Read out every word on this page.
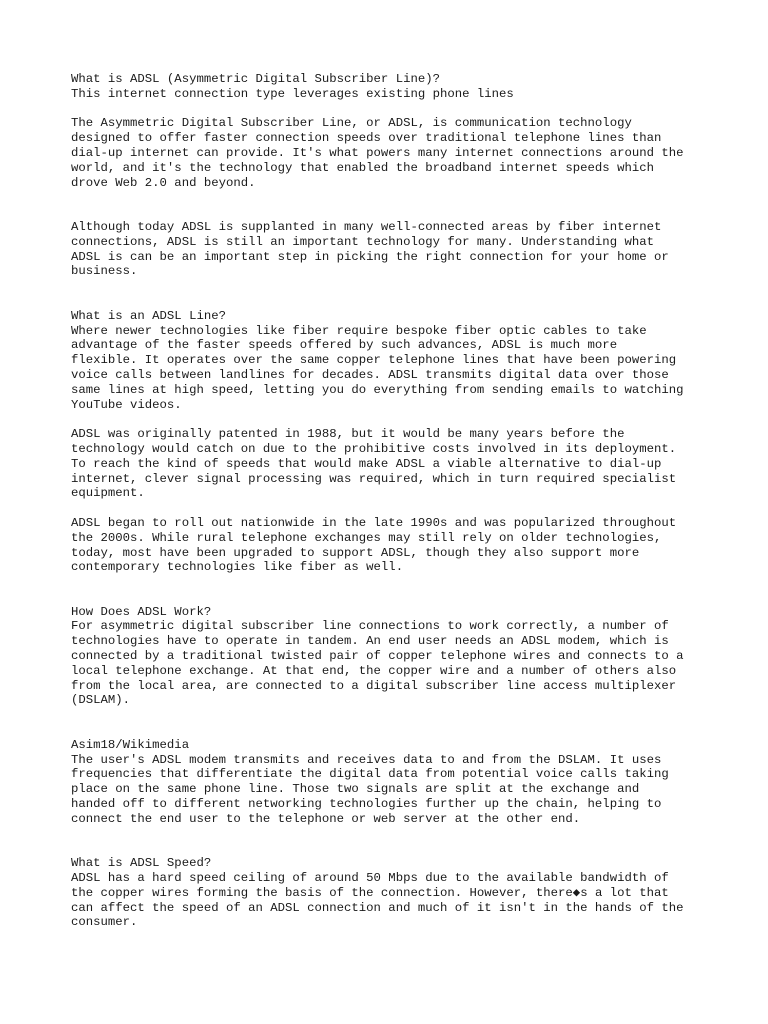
What is ADSL (Asymmetric Digital Subscriber Line)?

This internet connection type leverages existing phone lines

The Asymmetric Digital Subscriber Line, or ADSL, is communication technology

designed to offer faster connection speeds over traditional telephone lines than

dial-up internet can provide. It's what powers many internet connections around the

world, and it's the technology that enabled the broadband internet speeds which

drove Web 2.0 and beyond.

Although today ADSL is supplanted in many well-connected areas by fiber internet

connections, ADSL is still an important technology for many. Understanding what

ADSL is can be an important step in picking the right connection for your home or

business.

What is an ADSL Line?

Where newer technologies like fiber require bespoke fiber optic cables to take

advantage of the faster speeds offered by such advances, ADSL is much more

flexible. It operates over the same copper telephone lines that have been powering

voice calls between landlines for decades. ADSL transmits digital data over those

same lines at high speed, letting you do everything from sending emails to watching

YouTube videos.

ADSL was originally patented in 1988, but it would be many years before the

technology would catch on due to the prohibitive costs involved in its deployment.

To reach the kind of speeds that would make ADSL a viable alternative to dial-up

internet, clever signal processing was required, which in turn required specialist

equipment.

ADSL began to roll out nationwide in the late 1990s and was popularized throughout

the 2000s. While rural telephone exchanges may still rely on older technologies,

today, most have been upgraded to support ADSL, though they also support more

contemporary technologies like fiber as well.

How Does ADSL Work?

For asymmetric digital subscriber line connections to work correctly, a number of

technologies have to operate in tandem. An end user needs an ADSL modem, which is

connected by a traditional twisted pair of copper telephone wires and connects to a

local telephone exchange. At that end, the copper wire and a number of others also

from the local area, are connected to a digital subscriber line access multiplexer

(DSLAM).

Asim18/Wikimedia

The user's ADSL modem transmits and receives data to and from the DSLAM. It uses

frequencies that differentiate the digital data from potential voice calls taking

place on the same phone line. Those two signals are split at the exchange and

handed off to different networking technologies further up the chain, helping to

connect the end user to the telephone or web server at the other end.

What is ADSL Speed?

ADSL has a hard speed ceiling of around 50 Mbps due to the available bandwidth of

the copper wires forming the basis of the connection. However, there◆s a lot that

can affect the speed of an ADSL connection and much of it isn't in the hands of the

consumer.
